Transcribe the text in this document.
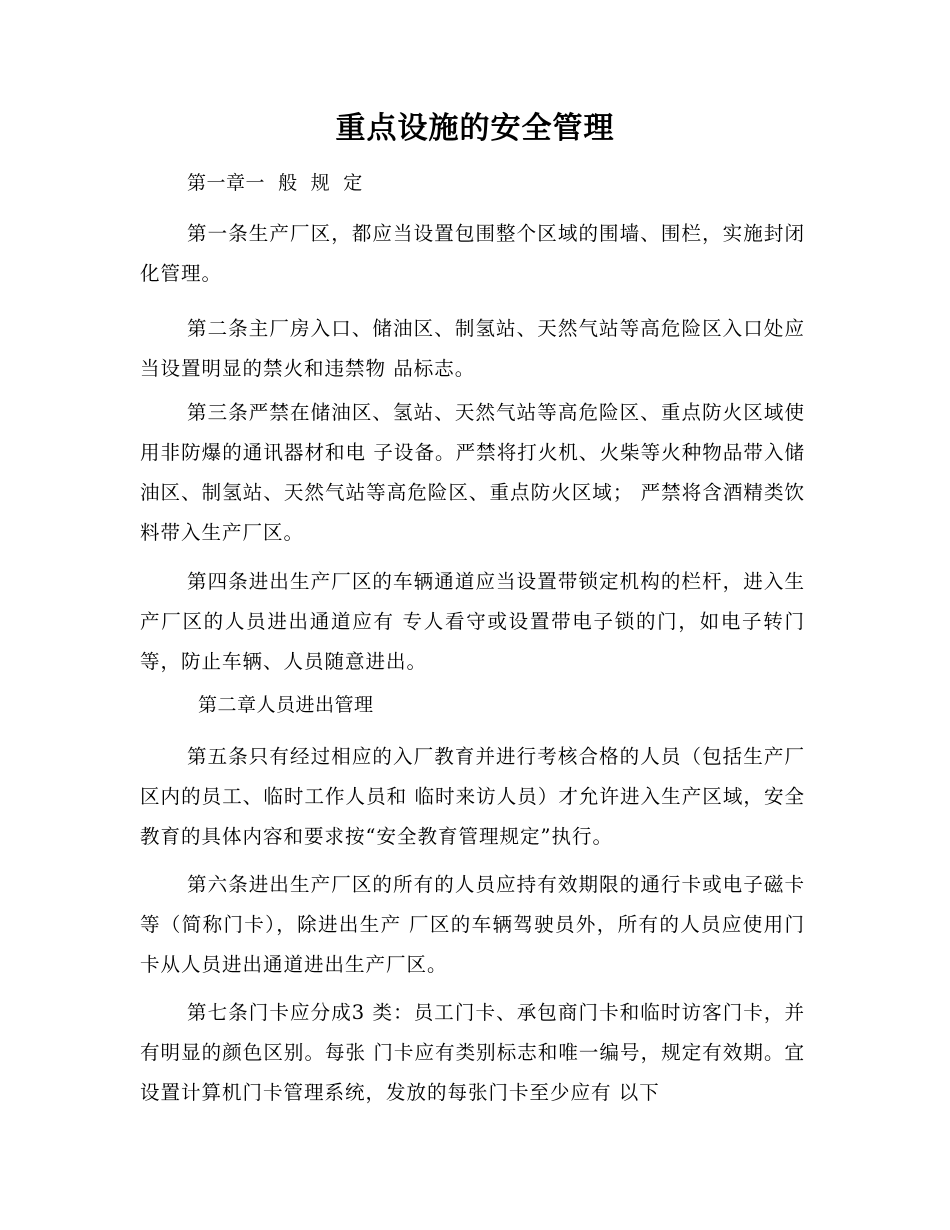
重点设施的安全管理
第一章一  般  规  定

第一条生产厂区，都应当设置包围整个区域的围墙、围栏，实施封闭化管理。

第二条主厂房入口、储油区、制氢站、天然气站等高危险区入口处应当设置明显的禁火和违禁物 品标志。

第三条严禁在储油区、氢站、天然气站等高危险区、重点防火区域使用非防爆的通讯器材和电 子设备。严禁将打火机、火柴等火种物品带入储油区、制氢站、天然气站等高危险区、重点防火区域； 严禁将含酒精类饮料带入生产厂区。

第四条进出生产厂区的车辆通道应当设置带锁定机构的栏杆，进入生产厂区的人员进出通道应有 专人看守或设置带电子锁的门，如电子转门等，防止车辆、人员随意进出。

第二章人员进出管理

第五条只有经过相应的入厂教育并进行考核合格的人员（包括生产厂区内的员工、临时工作人员和 临时来访人员）才允许进入生产区域，安全教育的具体内容和要求按“安全教育管理规定”执行。

第六条进出生产厂区的所有的人员应持有效期限的通行卡或电子磁卡等（简称门卡），除进出生产 厂区的车辆驾驶员外，所有的人员应使用门卡从人员进出通道进出生产厂区。

第七条门卡应分成3 类：员工门卡、承包商门卡和临时访客门卡，并有明显的颜色区别。每张 门卡应有类别标志和唯一编号，规定有效期。宜设置计算机门卡管理系统，发放的每张门卡至少应有 以下
